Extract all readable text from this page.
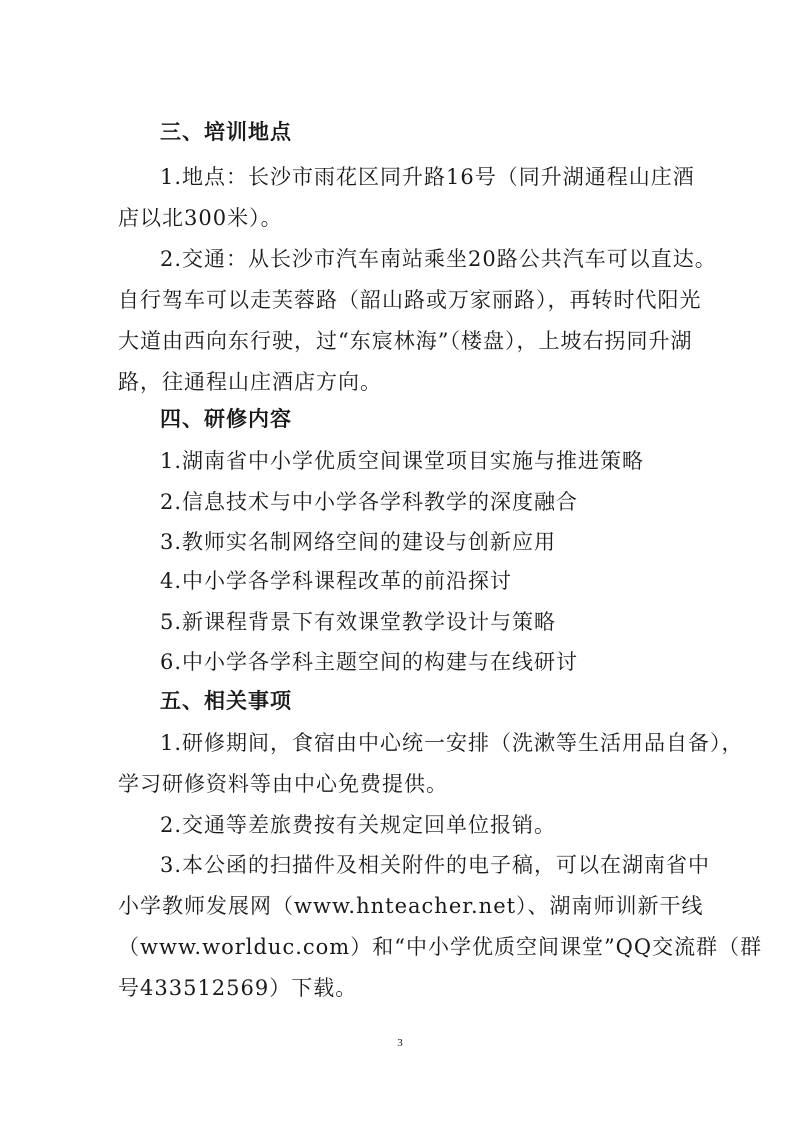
三、培训地点
1.地点：长沙市雨花区同升路16号（同升湖通程山庄酒
店以北300米）。
2.交通：从长沙市汽车南站乘坐20路公共汽车可以直达。
自行驾车可以走芙蓉路（韶山路或万家丽路），再转时代阳光
大道由西向东行驶，过“东宸林海”（楼盘），上坡右拐同升湖
路，往通程山庄酒店方向。
四、研修内容
1.湖南省中小学优质空间课堂项目实施与推进策略
2.信息技术与中小学各学科教学的深度融合
3.教师实名制网络空间的建设与创新应用
4.中小学各学科课程改革的前沿探讨
5.新课程背景下有效课堂教学设计与策略
6.中小学各学科主题空间的构建与在线研讨
五、相关事项
1.研修期间，食宿由中心统一安排（洗漱等生活用品自备），
学习研修资料等由中心免费提供。
2.交通等差旅费按有关规定回单位报销。
3.本公函的扫描件及相关附件的电子稿，可以在湖南省中
小学教师发展网（www.hnteacher.net）、湖南师训新干线
（www.worlduc.com）和“中小学优质空间课堂”QQ交流群（群
号433512569）下载。
3
